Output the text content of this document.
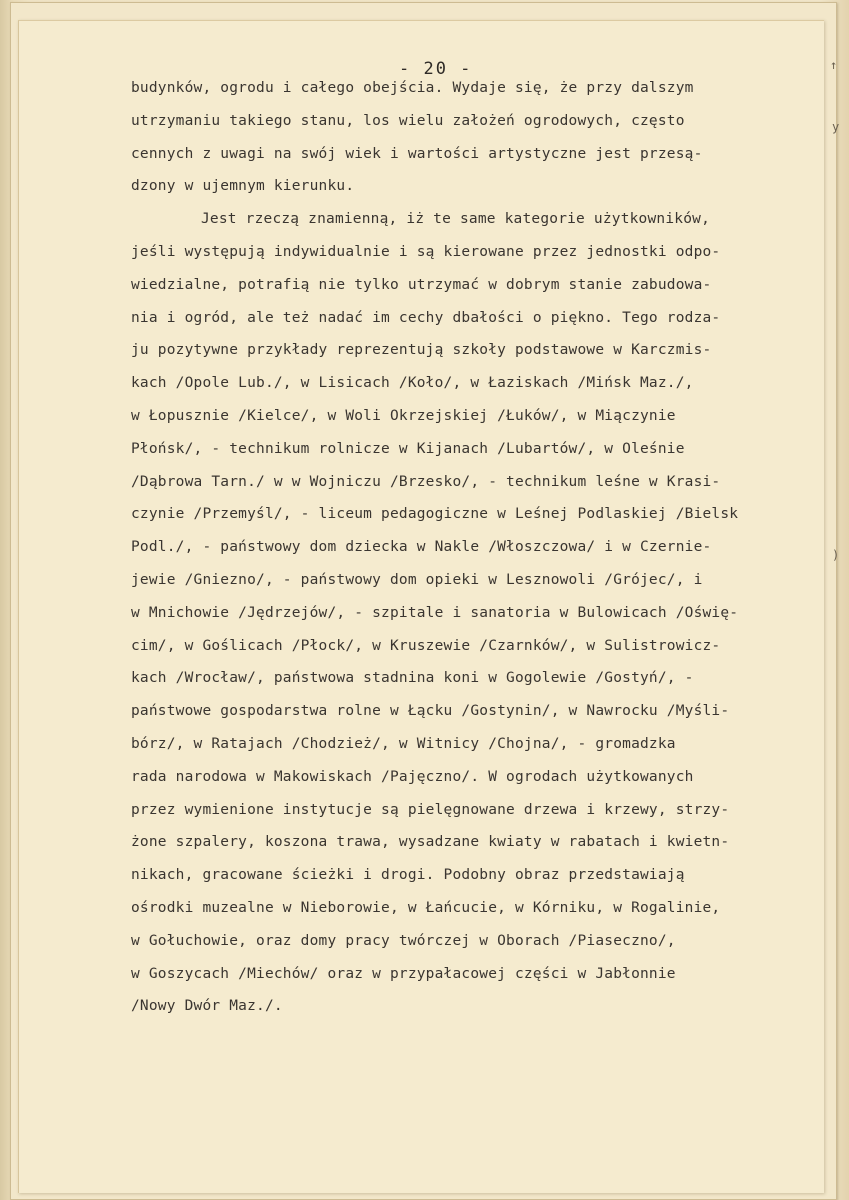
- 20 -	↑
y
)
budynków, ogrodu i całego obejścia. Wydaje się, że przy dalszym
utrzymaniu takiego stanu, los wielu założeń ogrodowych, często
cennych z uwagi na swój wiek i wartości artystyczne jest przesą-
dzony w ujemnym kierunku.
Jest rzeczą znamienną, iż te same kategorie użytkowników,
jeśli występują indywidualnie i są kierowane przez jednostki odpo-
wiedzialne, potrafią nie tylko utrzymać w dobrym stanie zabudowa-
nia i ogród, ale też nadać im cechy dbałości o piękno. Tego rodza-
ju pozytywne przykłady reprezentują szkoły podstawowe w Karczmis-
kach /Opole Lub./, w Lisicach /Koło/, w Łaziskach /Mińsk Maz./,
w Łopusznie /Kielce/, w Woli Okrzejskiej /Łuków/, w Miączynie
Płońsk/, - technikum rolnicze w Kijanach /Lubartów/, w Oleśnie
/Dąbrowa Tarn./ w w Wojniczu /Brzesko/, - technikum leśne w Krasi-
czynie /Przemyśl/, - liceum pedagogiczne w Leśnej Podlaskiej /Bielsk
Podl./, - państwowy dom dziecka w Nakle /Włoszczowa/ i w Czernie-
jewie /Gniezno/, - państwowy dom opieki w Lesznowoli /Grójec/, i
w Mnichowie /Jędrzejów/, - szpitale i sanatoria w Bulowicach /Oświę-
cim/, w Goślicach /Płock/, w Kruszewie /Czarnków/, w Sulistrowicz-
kach /Wrocław/, państwowa stadnina koni w Gogolewie /Gostyń/, -
państwowe gospodarstwa rolne w Łącku /Gostynin/, w Nawrocku /Myśli-
bórz/, w Ratajach /Chodzież/, w Witnicy /Chojna/, - gromadzka
rada narodowa w Makowiskach /Pajęczno/. W ogrodach użytkowanych
przez wymienione instytucje są pielęgnowane drzewa i krzewy, strzy-
żone szpalery, koszona trawa, wysadzane kwiaty w rabatach i kwietn-
nikach, gracowane ścieżki i drogi. Podobny obraz przedstawiają
ośrodki muzealne w Nieborowie, w Łańcucie, w Kórniku, w Rogalinie,
w Gołuchowie, oraz domy pracy twórczej w Oborach /Piaseczno/,
w Goszycach /Miechów/ oraz w przypałacowej części w Jabłonnie
/Nowy Dwór Maz./.
